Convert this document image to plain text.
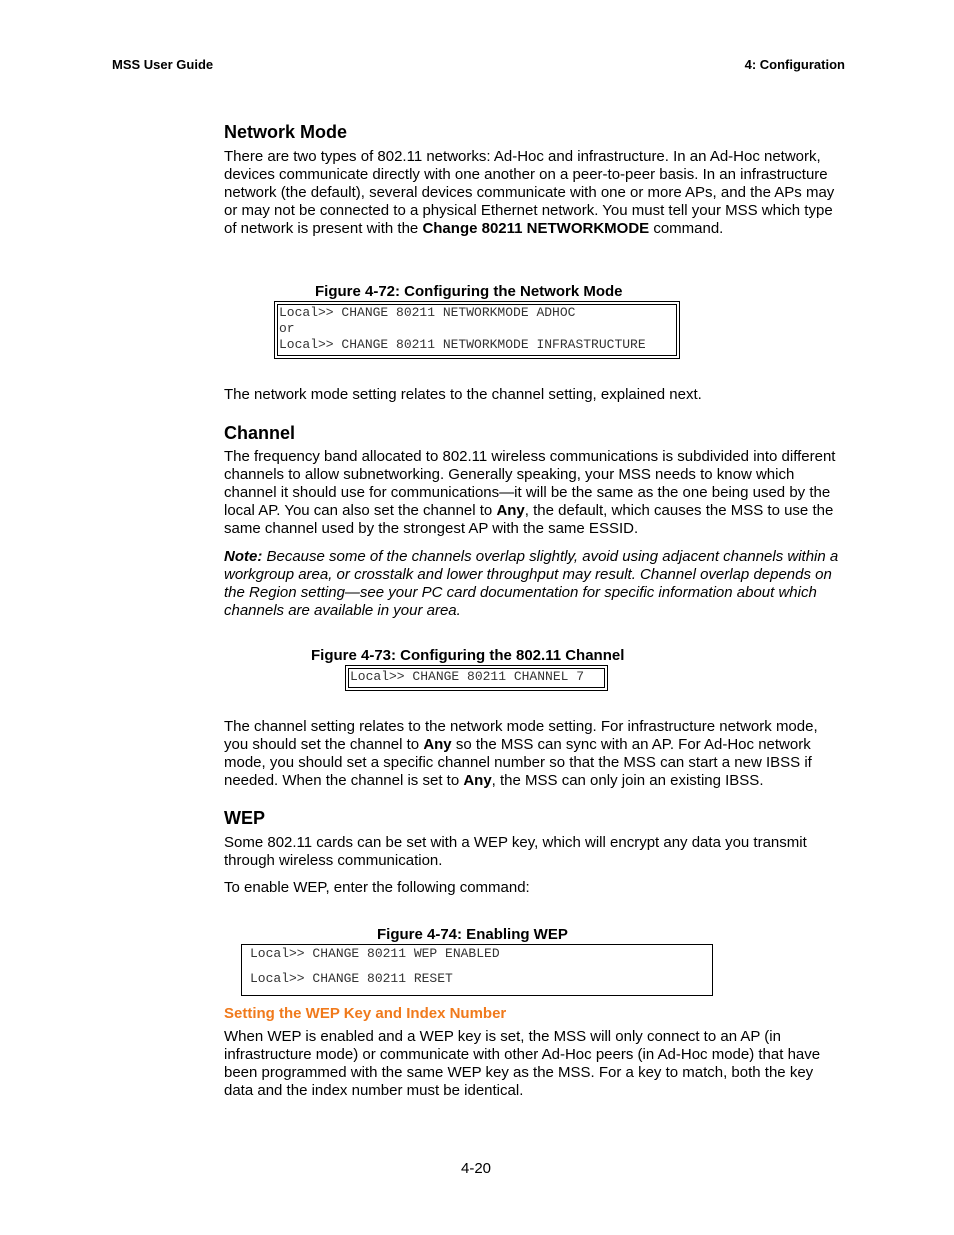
MSS User Guide	4: Configuration
Network Mode

There are two types of 802.11 networks: Ad-Hoc and infrastructure. In an Ad-Hoc network, devices communicate directly with one another on a peer-to-peer basis. In an infrastructure network (the default), several devices communicate with one or more APs, and the APs may or may not be connected to a physical Ethernet network. You must tell your MSS which type of network is present with the Change 80211 NETWORKMODE command.

Figure 4-72: Configuring the Network Mode
Local>> CHANGE 80211 NETWORKMODE ADHOC
or
Local>> CHANGE 80211 NETWORKMODE INFRASTRUCTURE
The network mode setting relates to the channel setting, explained next.
Channel

The frequency band allocated to 802.11 wireless communications is subdivided into different channels to allow subnetworking. Generally speaking, your MSS needs to know which channel it should use for communications—it will be the same as the one being used by the local AP. You can also set the channel to Any, the default, which causes the MSS to use the same channel used by the strongest AP with the same ESSID.

Note: Because some of the channels overlap slightly, avoid using adjacent channels within a workgroup area, or crosstalk and lower throughput may result. Channel overlap depends on the Region setting—see your PC card documentation for specific information about which channels are available in your area.

Figure 4-73: Configuring the 802.11 Channel
Local>> CHANGE 80211 CHANNEL 7

The channel setting relates to the network mode setting. For infrastructure network mode, you should set the channel to Any so the MSS can sync with an AP. For Ad-Hoc network mode, you should set a specific channel number so that the MSS can start a new IBSS if needed. When the channel is set to Any, the MSS can only join an existing IBSS.

WEP
Some 802.11 cards can be set with a WEP key, which will encrypt any data you transmit through wireless communication.
To enable WEP, enter the following command:
Figure 4-74: Enabling WEP
Local>> CHANGE 80211 WEP ENABLED
Local>> CHANGE 80211 RESET
Setting the WEP Key and Index Number
When WEP is enabled and a WEP key is set, the MSS will only connect to an AP (in infrastructure mode) or communicate with other Ad-Hoc peers (in Ad-Hoc mode) that have been programmed with the same WEP key as the MSS. For a key to match, both the key data and the index number must be identical.
4-20
